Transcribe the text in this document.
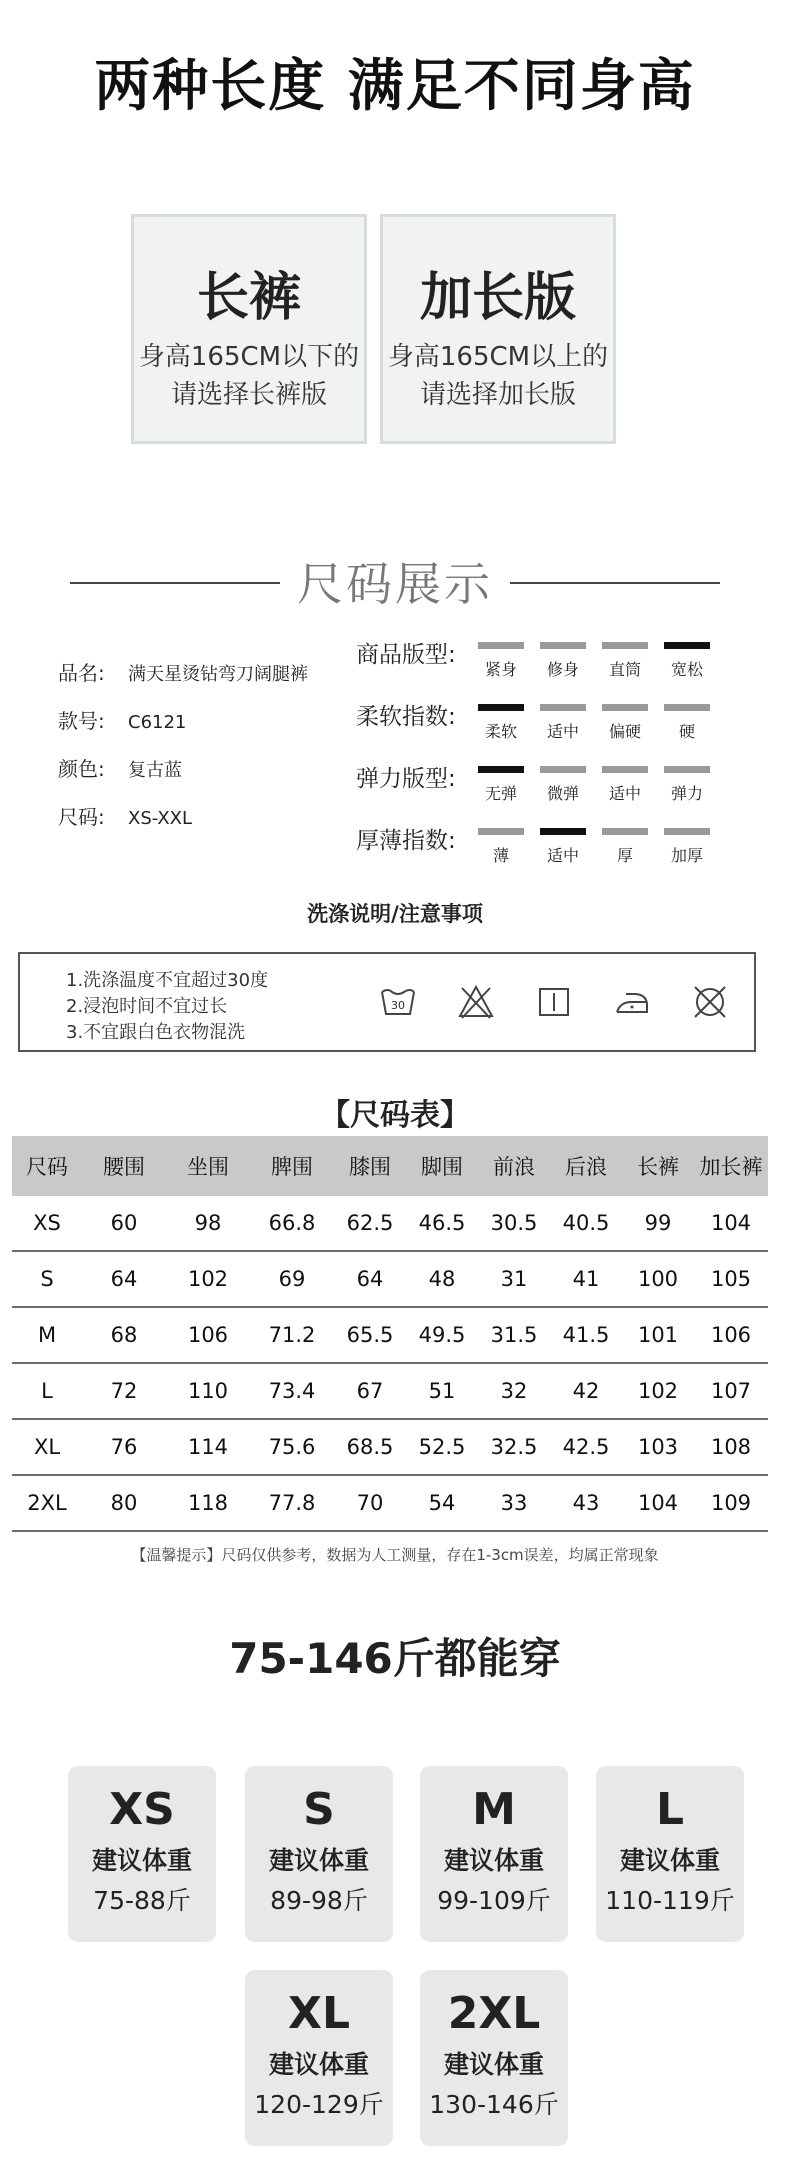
两种长度 满足不同身高
长裤
身高165CM以下的
请选择长裤版
加长版
身高165CM以上的
请选择加长版
尺码展示
品名: 满天星烫钻弯刀阔腿裤
款号: C6121
颜色: 复古蓝
尺码: XS-XXL
商品版型:
紧身	修身	直筒	宽松
柔软指数:
柔软	适中	偏硬	硬
弹力版型:
无弹	微弹	适中	弹力
厚薄指数:
薄	适中	厚	加厚
洗涤说明/注意事项
1.洗涤温度不宜超过30度
2.浸泡时间不宜过长
3.不宜跟白色衣物混洗
30
【尺码表】
尺码	腰围	坐围	脾围	膝围	脚围	前浪	后浪	长裤	加长裤
XS	60	98	66.8	62.5	46.5	30.5	40.5	99	104
S	64	102	69	64	48	31	41	100	105
M	68	106	71.2	65.5	49.5	31.5	41.5	101	106
L	72	110	73.4	67	51	32	42	102	107
XL	76	114	75.6	68.5	52.5	32.5	42.5	103	108
2XL	80	118	77.8	70	54	33	43	104	109
【温馨提示】尺码仅供参考，数据为人工测量，存在1-3cm误差，均属正常现象
75-146斤都能穿
XS
建议体重
75-88斤
S
建议体重
89-98斤
M
建议体重
99-109斤
L
建议体重
110-119斤
XL
建议体重
120-129斤
2XL
建议体重
130-146斤
